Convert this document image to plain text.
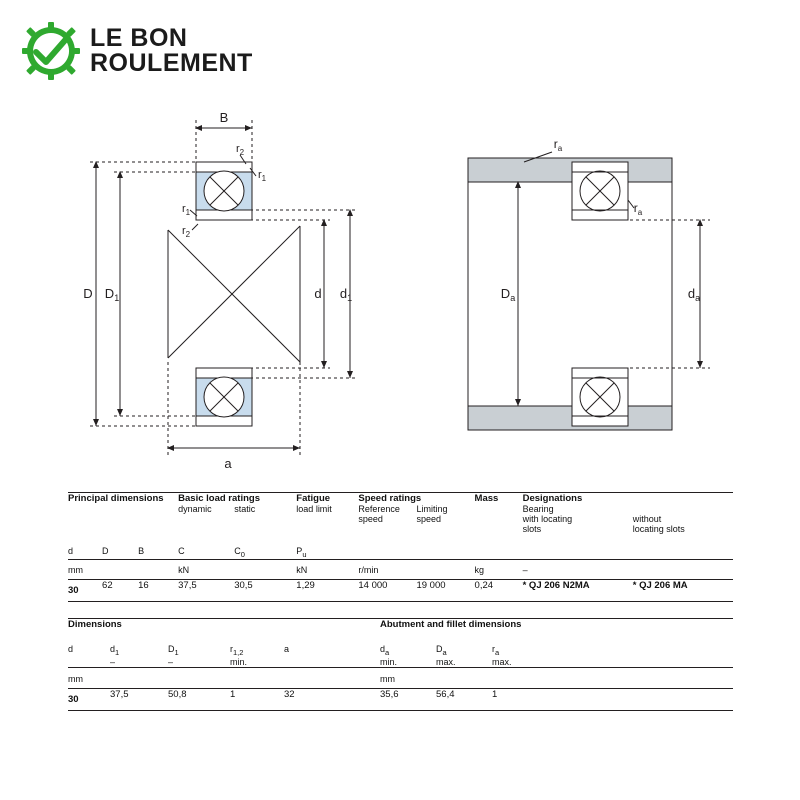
LE BON
ROULEMENT
B
D $D_1$	d $d_1$
a
$r_2$
$r_1$
$r_1$
$r_2$
$r_a$
$r_a$
$D_a$	$d_a$
Principal dimensions			Basic load ratings		Fatigue	Speed ratings		Mass	Designations	
			dynamic	static	load limit	Reference	Limiting		Bearing	
						speed	speed		with locating	without
									slots	locating slots
d	D	B	C	$C_0$	$P_u$	
mm			kN		kN	r/min		kg	–	
30	62	16	37,5	30,5	1,29	14 000	19 000	0,24	* QJ 206 N2MA	* QJ 206 MA
Dimensions					Abutment and fillet dimensions			
d	$d_1$	$D_1$	$r_{1,2}$	a	$d_a$	$D_a$	$r_a$	
	–	–	min.		min.	max.	max.	
mm					mm			
30	37,5	50,8	1	32	35,6	56,4	1	
